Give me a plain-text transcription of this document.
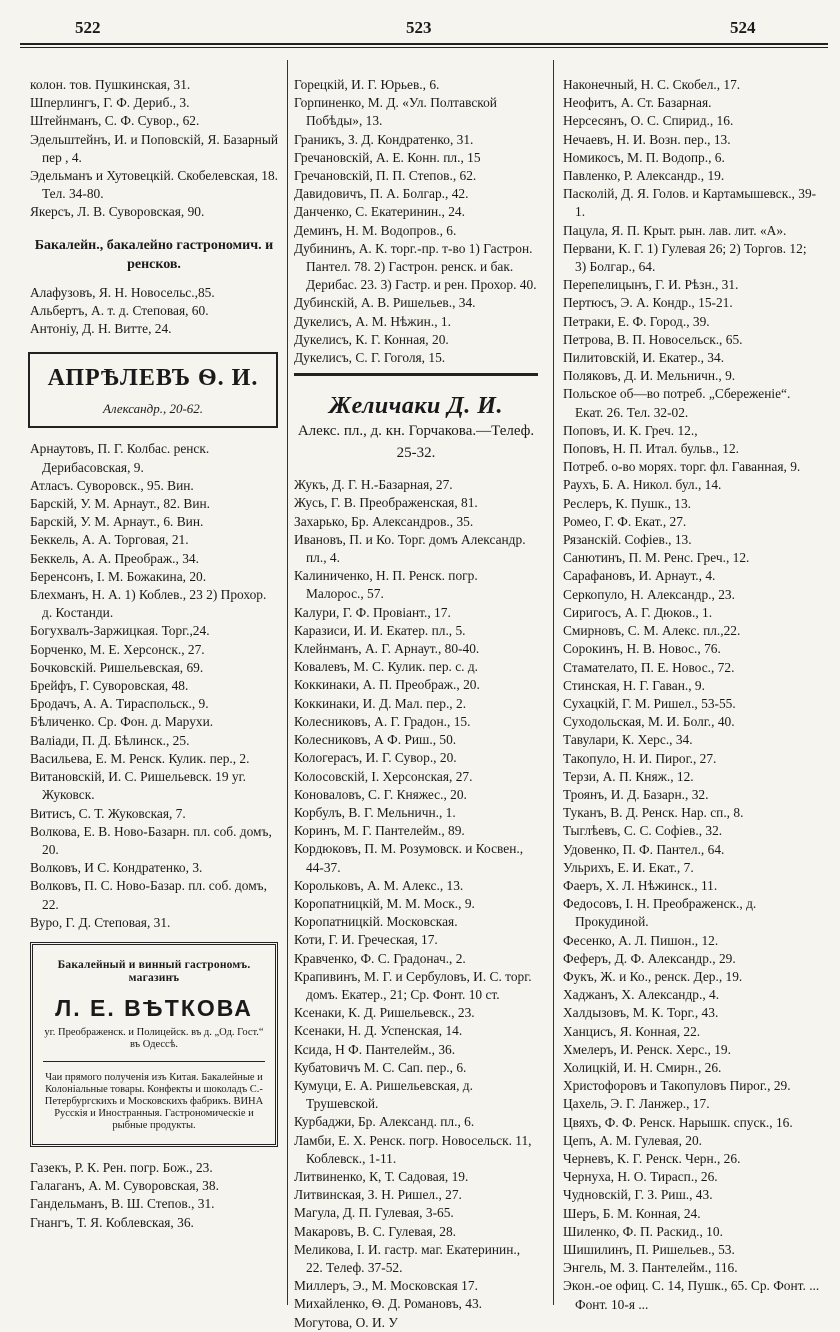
522	523	524

колон. тов. Пушкинская, 31.

Шперлингъ, Г. Ф. Дериб., 3.

Штейнманъ, С. Ф. Сувор., 62.

Эдельштейнъ, И. и Поповскій, Я. Базарный пер , 4.

Эдельманъ и Хутовецкій. Скобелевская, 18. Тел. 34-80.

Якерсъ, Л. В. Суворовская, 90.

Бакалейн., бакалейно гастрономич. и ренсков.

Алафузовъ, Я. Н. Новосельс.,85.

Альбертъ, А. т. д. Степовая, 60.

Антоніу, Д. Н. Витте, 24.

АПРѢЛЕВЪ Ѳ. И.
Александр., 20-62.

Арнаутовъ, П. Г. Колбас. ренск. Дерибасовская, 9.

Атласъ. Суворовск., 95. Вин.

Барскій, У. М. Арнаут., 82. Вин.

Барскій, У. М. Арнаут., 6. Вин.

Беккель, А. А. Торговая, 21.

Беккель, А. А. Преображ., 34.

Беренсонъ, І. М. Божакина, 20.

Блехманъ, Н. А. 1) Коблев., 23 2) Прохор. д. Костанди.

Богухвалъ-Заржицкая. Торг.,24.

Борченко, М. Е. Херсонск., 27.

Бочковскій. Ришельевская, 69.

Брейфъ, Г. Суворовская, 48.

Бродачъ, А. А. Тираспольск., 9.

Бѣличенко. Ср. Фон. д. Марухи.

Валіади, П. Д. Бѣлинск., 25.

Васильева, Е. М. Ренск. Кулик. пер., 2.

Витановскій, И. С. Ришельевск. 19 уг. Жуковск.

Витисъ, С. Т. Жуковская, 7.

Волкова, Е. В. Ново-Базарн. пл. соб. домъ, 20.

Волковъ, И С. Кондратенко, 3.

Волковъ, П. С. Ново-Базар. пл. соб. домъ, 22.

Вуро, Г. Д. Степовая, 31.

Бакалейный и винный гастрономъ.
магазинъ
Л. Е. ВѢТКОВА
уг. Преображенск. и Полицейск. въ д. „Од. Гост.“ въ Одессѣ.
Чаи прямого полученія изъ Китая. Бакалейные и Колоніальные товары. Конфекты и шоколадъ С.-Петербургскихъ и Московскихъ фабрикъ. ВИНА Русскія и Иностранныя. Гастрономическіе и рыбные продукты.

Газекъ, Р. К. Рен. погр. Бож., 23.

Галаганъ, А. М. Суворовская, 38.

Гандельманъ, В. Ш. Степов., 31.

Гнангъ, Т. Я. Коблевская, 36.

Горецкій, И. Г. Юрьев., 6.

Горпиненко, М. Д. «Ул. Полтавской Побѣды», 13.

Граникъ, З. Д. Кондратенко, 31.

Гречановскій, А. Е. Конн. пл., 15

Гречановскій, П. П. Степов., 62.

Давидовичъ, П. А. Болгар., 42.

Данченко, С. Екатеринин., 24.

Деминъ, Н. М. Водопров., 6.

Дубининъ, А. К. торг.-пр. т-во 1) Гастрон. Пантел. 78. 2) Гастрон. ренск. и бак. Дерибас. 23. 3) Гастр. и рен. Прохор. 40.

Дубинскій, А. В. Ришельев., 34.

Дукелисъ, А. М. Нѣжин., 1.

Дукелисъ, К. Г. Конная, 20.

Дукелисъ, С. Г. Гоголя, 15.

Желичаки Д. И.
Алекс. пл., д. кн. Горчакова.—Телеф. 25-32.

Жукъ, Д. Г. Н.-Базарная, 27.

Жусь, Г. В. Преображенская, 81.

Захарько, Бр. Александров., 35.

Ивановъ, П. и Ко. Торг. домъ Александр. пл., 4.

Калиниченко, Н. П. Ренск. погр. Малорос., 57.

Калури, Г. Ф. Провіант., 17.

Каразиси, И. И. Екатер. пл., 5.

Клейнманъ, А. Г. Арнаут., 80-40.

Ковалевъ, М. С. Кулик. пер. с. д.

Коккинаки, А. П. Преображ., 20.

Коккинаки, И. Д. Мал. пер., 2.

Колесниковъ, А. Г. Градон., 15.

Колесниковъ, А Ф. Риш., 50.

Кологерасъ, И. Г. Сувор., 20.

Колосовскій, І. Херсонская, 27.

Коноваловъ, С. Г. Княжес., 20.

Корбулъ, В. Г. Мельничн., 1.

Коринъ, М. Г. Пантелейм., 89.

Кордюковъ, П. М. Розумовск. и Косвен., 44-37.

Корольковъ, А. М. Алекс., 13.

Коропатницкій, М. М. Моск., 9.

Коропатницкій. Московская.

Коти, Г. И. Греческая, 17.

Кравченко, Ф. С. Градонач., 2.

Крапивинъ, М. Г. и Сербуловъ, И. С. торг. домъ. Екатер., 21; Ср. Фонт. 10 ст.

Ксенаки, К. Д. Ришельевск., 23.

Ксенаки, Н. Д. Успенская, 14.

Ксида, Н Ф. Пантелейм., 36.

Кубатовичъ М. С. Сап. пер., 6.

Кумуци, Е. А. Ришельевская, д. Трушевской.

Курбаджи, Бр. Александ. пл., 6.

Ламби, Е. Х. Ренск. погр. Новосельск. 11, Коблевск., 1-11.

Литвиненко, К, Т. Садовая, 19.

Литвинская, З. Н. Ришел., 27.

Магула, Д. П. Гулевая, 3-65.

Макаровъ, В. С. Гулевая, 28.

Меликова, І. И. гастр. маг. Екатеринин., 22. Телеф. 37-52.

Миллеръ, Э., М. Московская 17.

Михайленко, Ѳ. Д. Романовъ, 43.

Могутова, О. И. У

Наконечный, Н. С. Скобел., 17.

Неофитъ, А. Ст. Базарная.

Нерсесянъ, О. С. Спирид., 16.

Нечаевъ, Н. И. Возн. пер., 13.

Номикосъ, М. П. Водопр., 6.

Павленко, Р. Александр., 19.

Пасколій, Д. Я. Голов. и Картамышевск., 39-1.

Пацула, Я. П. Крыт. рын. лав. лит. «А».

Первани, К. Г. 1) Гулевая 26; 2) Торгов. 12; 3) Болгар., 64.

Перепелицынъ, Г. И. Рѣзн., 31.

Пертюсъ, Э. А. Кондр., 15-21.

Петраки, Е. Ф. Город., 39.

Петрова, В. П. Новосельск., 65.

Пилитовскій, И. Екатер., 34.

Поляковъ, Д. И. Мельничн., 9.

Польское об—во потреб. „Сбереженіе“. Екат. 26. Тел. 32-02.

Поповъ, И. К. Греч. 12.,

Поповъ, Н. П. Итал. бульв., 12.

Потреб. о-во морях. торг. фл. Гаванная, 9.

Раухъ, Б. А. Никол. бул., 14.

Реслеръ, К. Пушк., 13.

Ромео, Г. Ф. Екат., 27.

Рязанскій. Софіев., 13.

Санютинъ, П. М. Ренс. Греч., 12.

Сарафановъ, И. Арнаут., 4.

Серкопуло, Н. Александр., 23.

Сиригосъ, А. Г. Дюков., 1.

Смирновъ, С. М. Алекс. пл.,22.

Сорокинъ, Н. В. Новос., 76.

Стамателато, П. Е. Новос., 72.

Стинская, Н. Г. Гаван., 9.

Сухацкій, Г. М. Ришел., 53-55.

Суходольская, М. И. Болг., 40.

Тавулари, К. Херс., 34.

Такопуло, Н. И. Пирог., 27.

Терзи, А. П. Княж., 12.

Троянъ, И. Д. Базарн., 32.

Туканъ, В. Д. Ренск. Нар. сп., 8.

Тыглѣевъ, С. С. Софіев., 32.

Удовенко, П. Ф. Пантел., 64.

Ульрихъ, Е. И. Екат., 7.

Фаеръ, Х. Л. Нѣжинск., 11.

Федосовъ, І. Н. Преображенск., д. Прокудиной.

Фесенко, А. Л. Пишон., 12.

Феферъ, Д. Ф. Александр., 29.

Фукъ, Ж. и Ко., ренск. Дер., 19.

Хаджанъ, Х. Александр., 4.

Халдызовъ, М. К. Торг., 43.

Ханцисъ, Я. Конная, 22.

Хмелеръ, И. Ренск. Херс., 19.

Холицкій, И. Н. Смирн., 26.

Христофоровъ и Такопуловъ Пирог., 29.

Цахель, Э. Г. Ланжер., 17.

Цвяхъ, Ф. Ф. Ренск. Нарышк. спуск., 16.

Цепъ, А. М. Гулевая, 20.

Черневъ, К. Г. Ренск. Черн., 26.

Чернуха, Н. О. Тирасп., 26.

Чудновскій, Г. З. Риш., 43.

Шеръ, Б. М. Конная, 24.

Шиленко, Ф. П. Раскид., 10.

Шишилинъ, П. Ришельев., 53.

Энгель, М. З. Пантелейм., 116.

Экон.-ое офиц. С. 14, Пушк., 65. Ср. Фонт. ... Фонт. 10-я ...
